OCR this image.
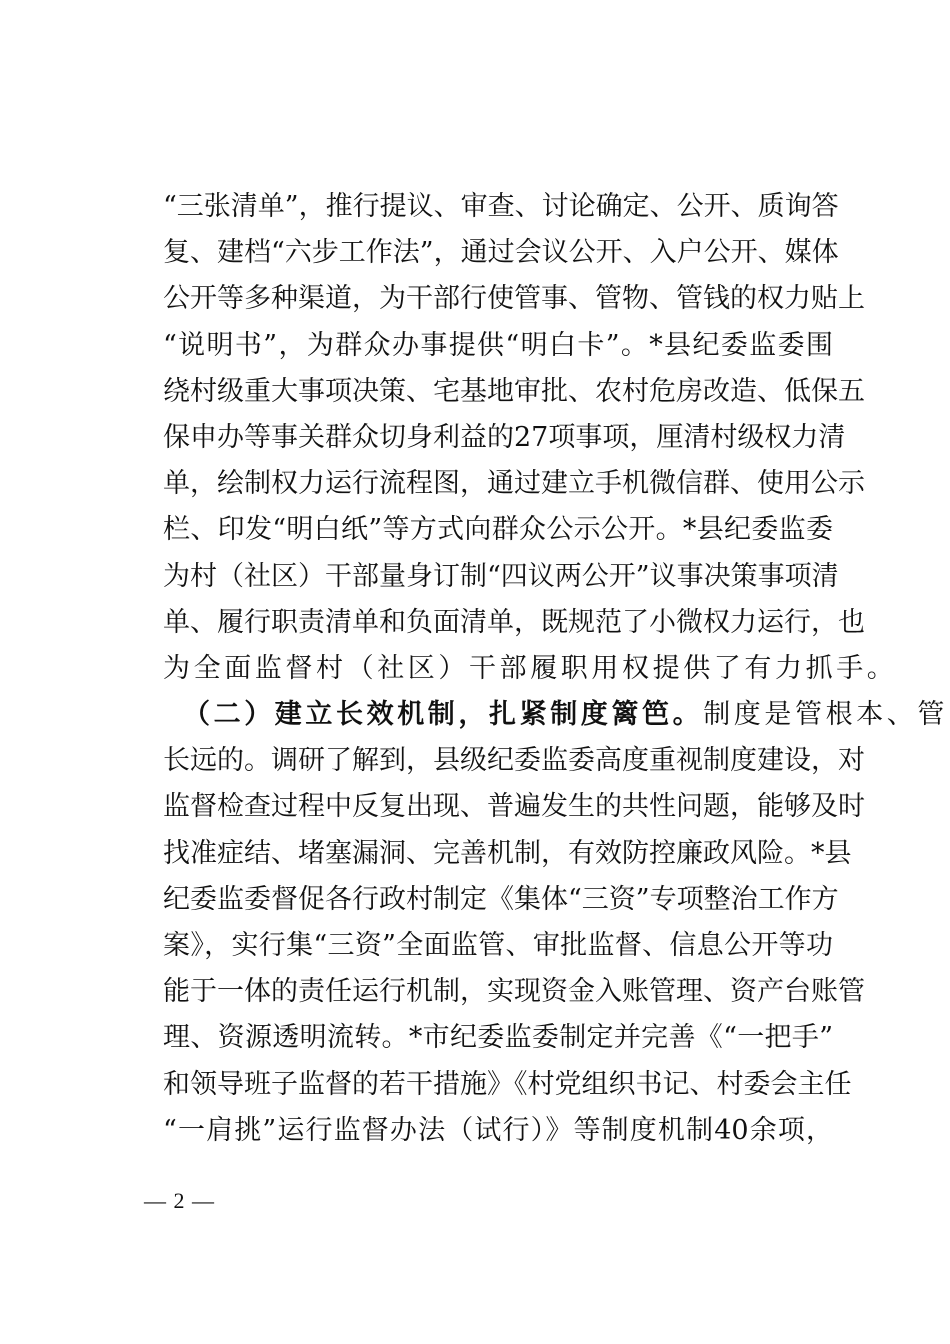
“三张清单”，推行提议、审查、讨论确定、公开、质询答
复、建档“六步工作法”，通过会议公开、入户公开、媒体
公开等多种渠道，为干部行使管事、管物、管钱的权力贴上
“说明书”，为群众办事提供“明白卡”。*县纪委监委围
绕村级重大事项决策、宅基地审批、农村危房改造、低保五
保申办等事关群众切身利益的27项事项，厘清村级权力清
单，绘制权力运行流程图，通过建立手机微信群、使用公示
栏、印发“明白纸”等方式向群众公示公开。*县纪委监委
为村（社区）干部量身订制“四议两公开”议事决策事项清
单、履行职责清单和负面清单，既规范了小微权力运行，也
为全面监督村（社区）干部履职用权提供了有力抓手。
（二）建立长效机制，扎紧制度篱笆。制度是管根本、管
长远的。调研了解到，县级纪委监委高度重视制度建设，对
监督检查过程中反复出现、普遍发生的共性问题，能够及时
找准症结、堵塞漏洞、完善机制，有效防控廉政风险。*县
纪委监委督促各行政村制定《集体“三资”专项整治工作方
案》，实行集“三资”全面监管、审批监督、信息公开等功
能于一体的责任运行机制，实现资金入账管理、资产台账管
理、资源透明流转。*市纪委监委制定并完善《“一把手”
和领导班子监督的若干措施》《村党组织书记、村委会主任
“一肩挑”运行监督办法（试行）》等制度机制40余项，
— 2 —
